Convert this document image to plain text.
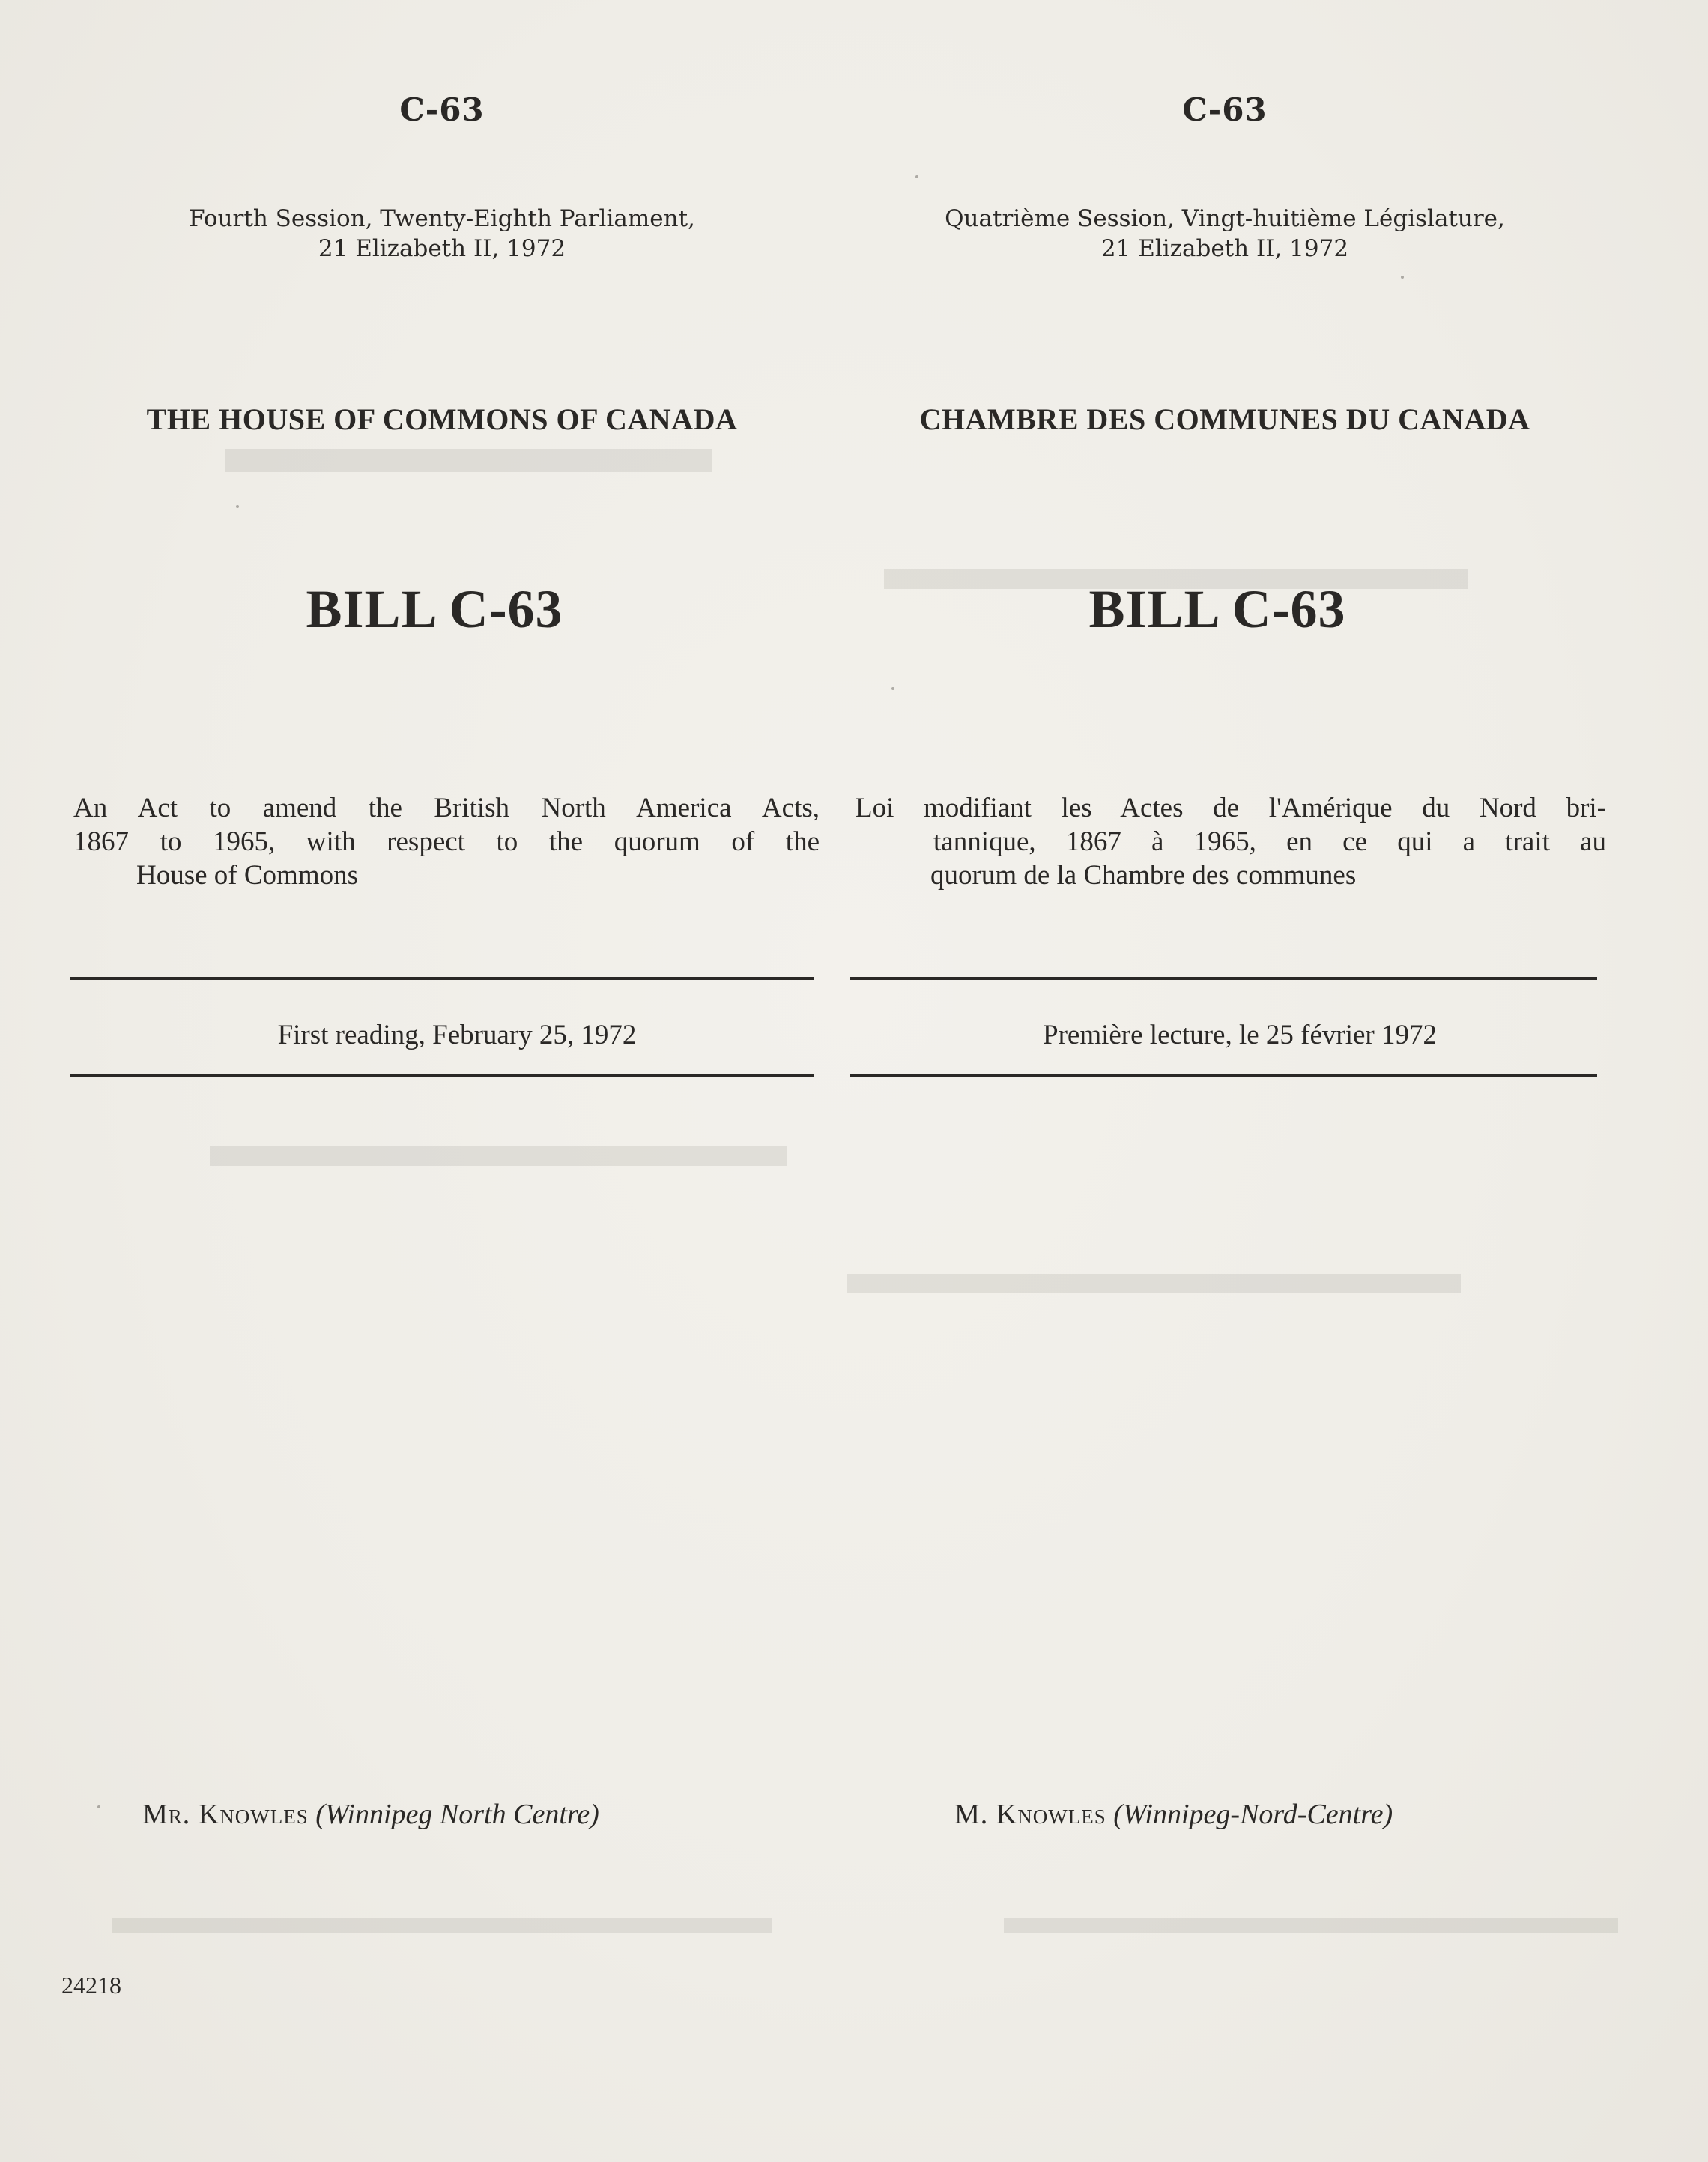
C-63
Fourth Session, Twenty-Eighth Parliament,
21 Elizabeth II, 1972
THE HOUSE OF COMMONS OF CANADA
BILL C-63
An Act to amend the British North America Acts,
1867 to 1965, with respect to the quorum of the
House of Commons
First reading, February 25, 1972
Mr. Knowles (Winnipeg North Centre)
C-63
Quatrième Session, Vingt-huitième Législature,
21 Elizabeth II, 1972
CHAMBRE DES COMMUNES DU CANADA
BILL C-63
Loi modifiant les Actes de l'Amérique du Nord bri-
tannique, 1867 à 1965, en ce qui a trait au
quorum de la Chambre des communes
Première lecture, le 25 février 1972
M. Knowles (Winnipeg-Nord-Centre)
24218
